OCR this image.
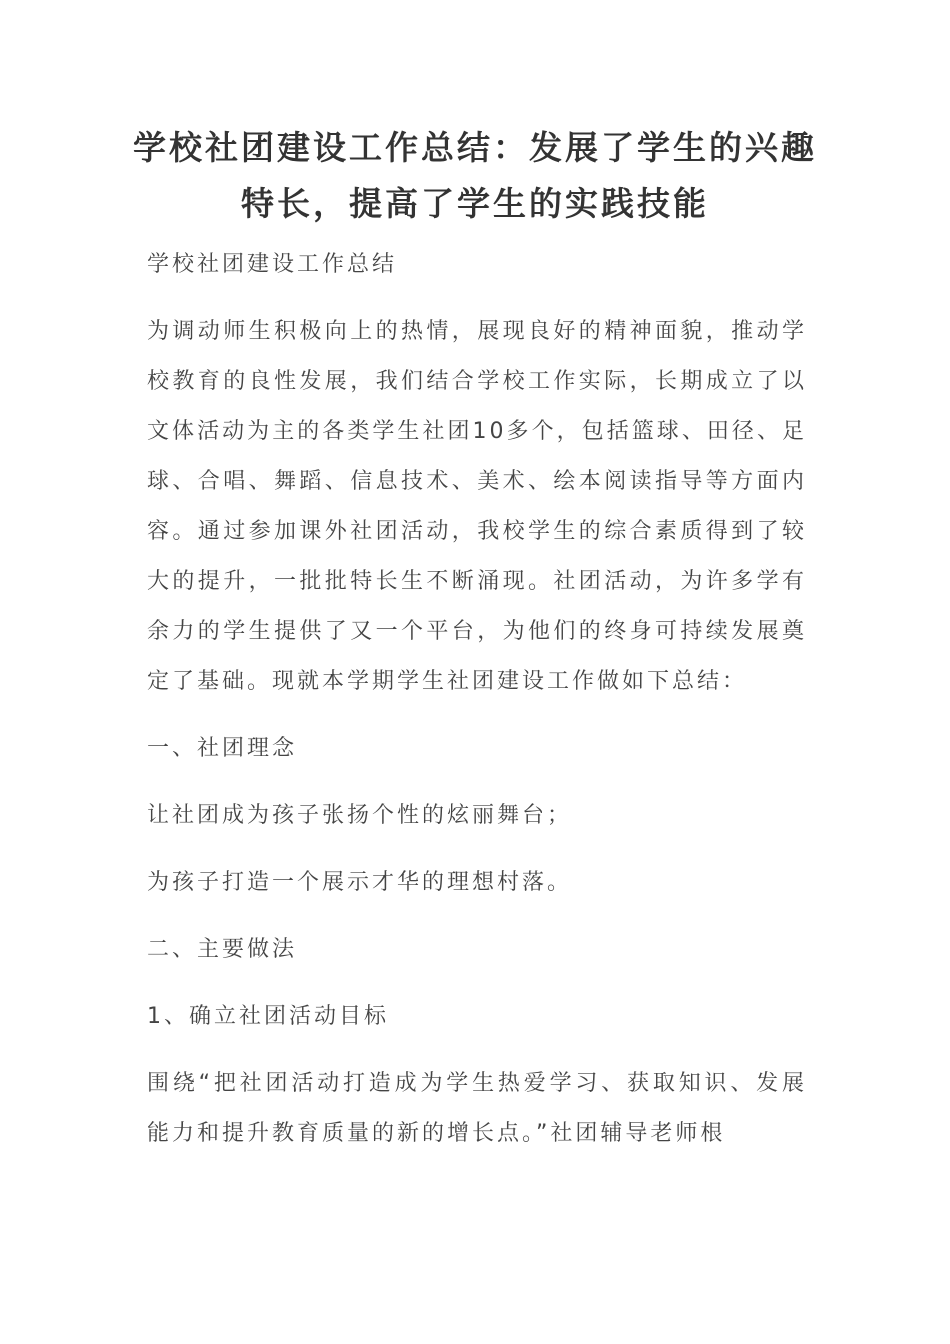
学校社团建设工作总结：发展了学生的兴趣特长，提高了学生的实践技能

学校社团建设工作总结

为调动师生积极向上的热情，展现良好的精神面貌，推动学校教育的良性发展，我们结合学校工作实际，长期成立了以文体活动为主的各类学生社团10多个，包括篮球、田径、足球、合唱、舞蹈、信息技术、美术、绘本阅读指导等方面内容。通过参加课外社团活动，我校学生的综合素质得到了较大的提升，一批批特长生不断涌现。社团活动，为许多学有余力的学生提供了又一个平台，为他们的终身可持续发展奠定了基础。现就本学期学生社团建设工作做如下总结：

一、社团理念

让社团成为孩子张扬个性的炫丽舞台；

为孩子打造一个展示才华的理想村落。

二、主要做法

1、确立社团活动目标

围绕“把社团活动打造成为学生热爱学习、获取知识、发展能力和提升教育质量的新的增长点。”社团辅导老师根
